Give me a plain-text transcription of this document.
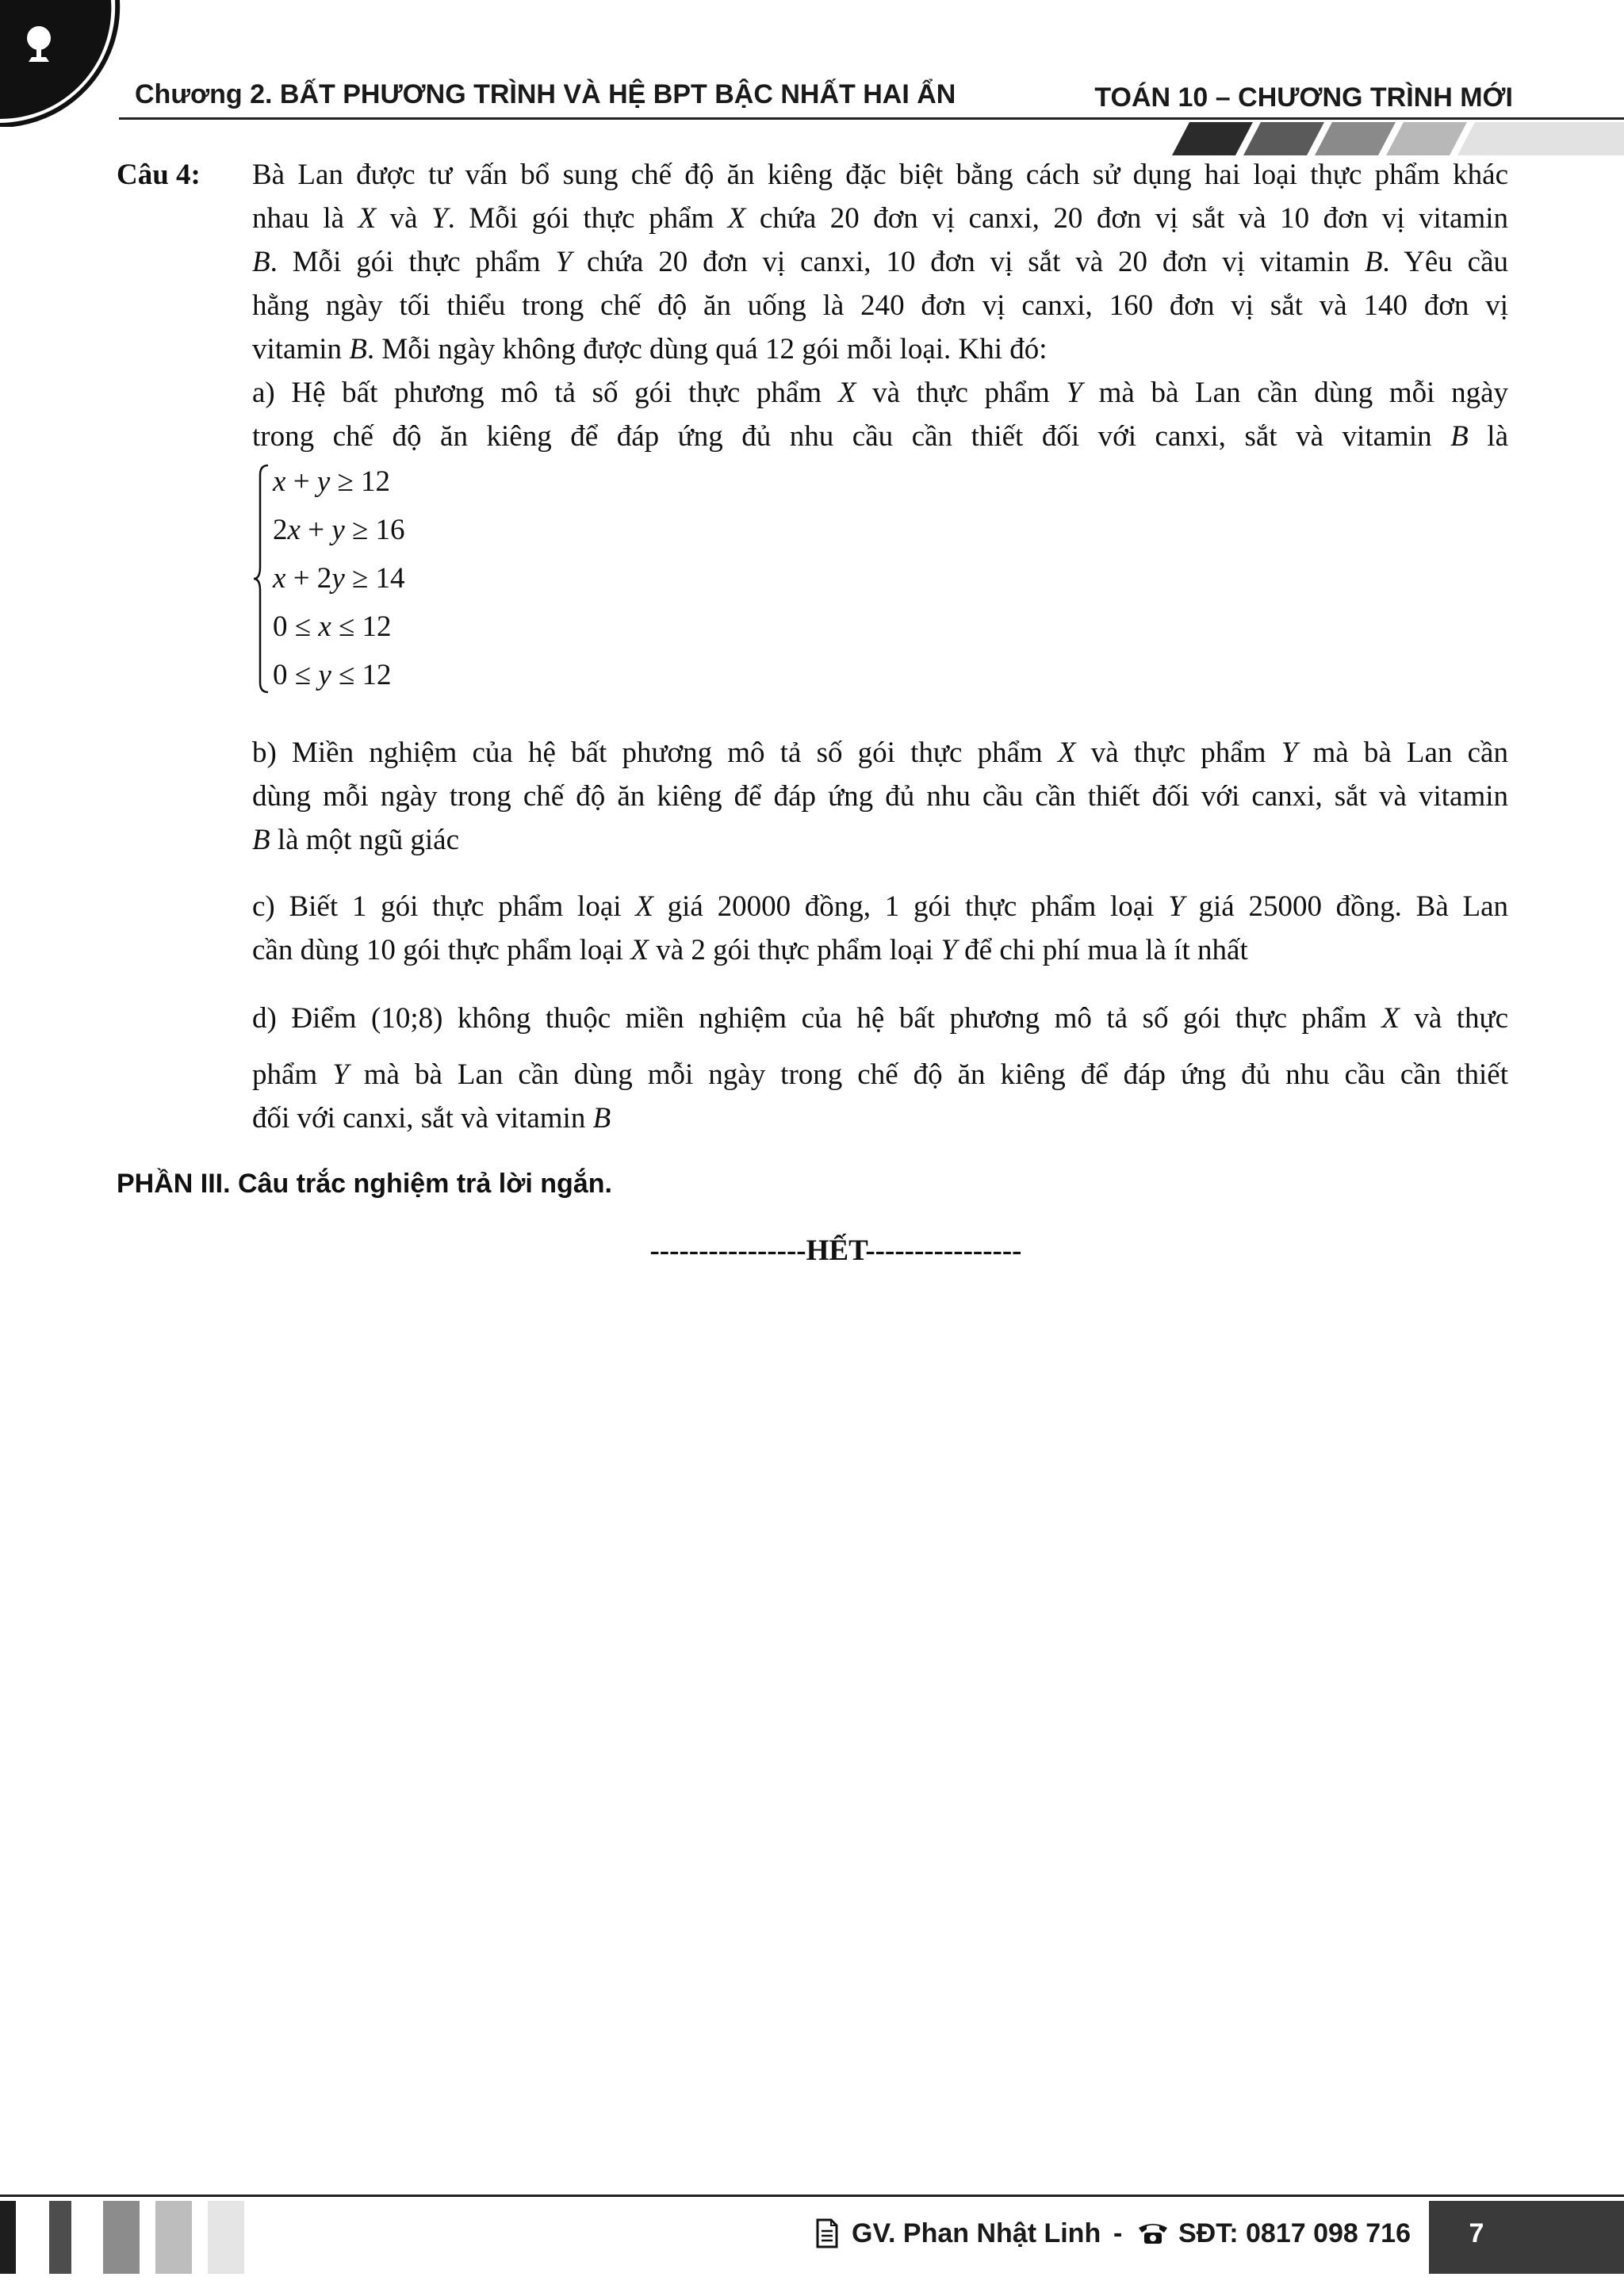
Chương 2. BẤT PHƯƠNG TRÌNH VÀ HỆ BPT BẬC NHẤT HAI ẨN	TOÁN 10 – CHƯƠNG TRÌNH MỚI
Câu 4: Bà Lan được tư vấn bổ sung chế độ ăn kiêng đặc biệt bằng cách sử dụng hai loại thực phẩm khác
nhau là X và Y. Mỗi gói thực phẩm X chứa 20 đơn vị canxi, 20 đơn vị sắt và 10 đơn vị vitamin
B. Mỗi gói thực phẩm Y chứa 20 đơn vị canxi, 10 đơn vị sắt và 20 đơn vị vitamin B. Yêu cầu
hằng ngày tối thiểu trong chế độ ăn uống là 240 đơn vị canxi, 160 đơn vị sắt và 140 đơn vị
vitamin B. Mỗi ngày không được dùng quá 12 gói mỗi loại. Khi đó:
a) Hệ bất phương mô tả số gói thực phẩm X và thực phẩm Y mà bà Lan cần dùng mỗi ngày
trong chế độ ăn kiêng để đáp ứng đủ nhu cầu cần thiết đối với canxi, sắt và vitamin B là
x + y ≥ 12
2x + y ≥ 16
x + 2y ≥ 14
0 ≤ x ≤ 12
0 ≤ y ≤ 12
b) Miền nghiệm của hệ bất phương mô tả số gói thực phẩm X và thực phẩm Y mà bà Lan cần
dùng mỗi ngày trong chế độ ăn kiêng để đáp ứng đủ nhu cầu cần thiết đối với canxi, sắt và vitamin
B là một ngũ giác
c) Biết 1 gói thực phẩm loại X giá 20000 đồng, 1 gói thực phẩm loại Y giá 25000 đồng. Bà Lan
cần dùng 10 gói thực phẩm loại X và 2 gói thực phẩm loại Y để chi phí mua là ít nhất
d) Điểm (10;8) không thuộc miền nghiệm của hệ bất phương mô tả số gói thực phẩm X và thực
phẩm Y mà bà Lan cần dùng mỗi ngày trong chế độ ăn kiêng để đáp ứng đủ nhu cầu cần thiết
đối với canxi, sắt và vitamin B
PHẦN III. Câu trắc nghiệm trả lời ngắn.
----------------HẾT----------------
GV. Phan Nhật Linh - SĐT: 0817 098 716	7
